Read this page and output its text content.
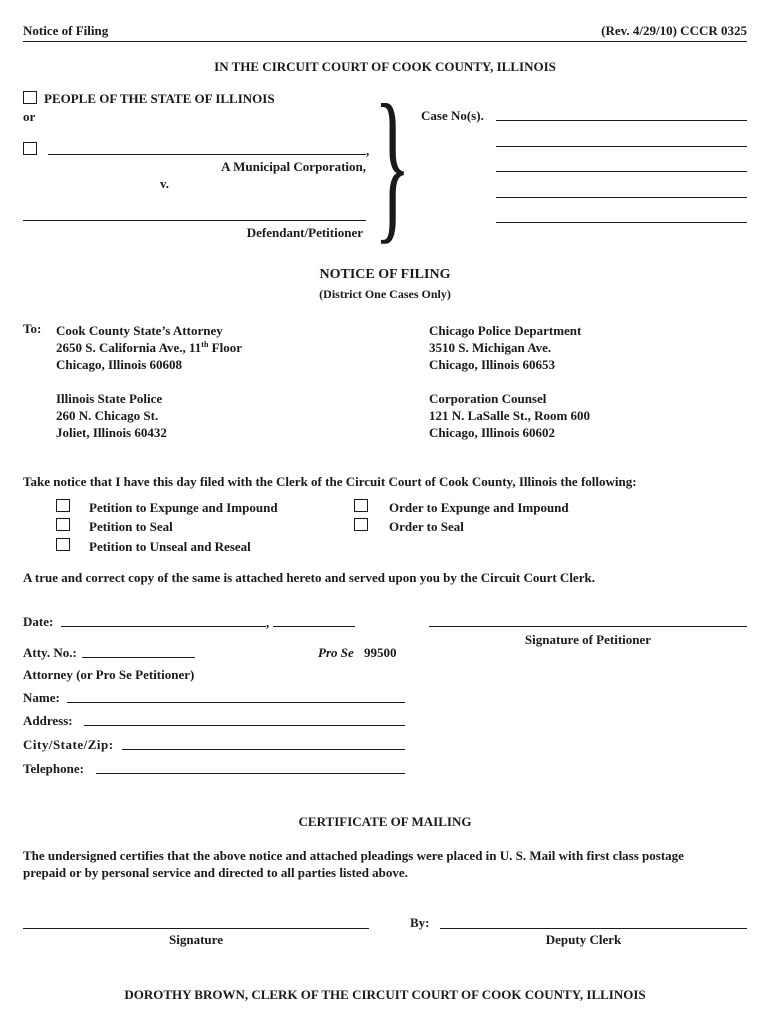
Notice of Filing	(Rev. 4/29/10) CCCR 0325
IN THE CIRCUIT COURT OF COOK COUNTY, ILLINOIS
PEOPLE OF THE STATE OF ILLINOIS
or
,
A Municipal Corporation,
v.
Defendant/Petitioner } Case No(s).
NOTICE OF FILING
(District One Cases Only)
To: Cook County State’s Attorney
2650 S. California Ave., 11th Floor
Chicago, Illinois 60608
Chicago Police Department
3510 S. Michigan Ave.
Chicago, Illinois 60653
Illinois State Police
260 N. Chicago St.
Joliet, Illinois 60432
Corporation Counsel
121 N. LaSalle St., Room 600
Chicago, Illinois 60602
Take notice that I have this day filed with the Clerk of the Circuit Court of Cook County, Illinois the following:
Petition to Expunge and Impound
Petition to Seal
Petition to Unseal and Reseal
Order to Expunge and Impound
Order to Seal
A true and correct copy of the same is attached hereto and served upon you by the Circuit Court Clerk.
Date:	,
Signature of Petitioner
Atty. No.:	Pro Se 99500
Attorney (or Pro Se Petitioner)
Name:
Address:
City/State/Zip:
Telephone:
CERTIFICATE OF MAILING
The undersigned certifies that the above notice and attached pleadings were placed in U. S. Mail with first class postage
prepaid or by personal service and directed to all parties listed above.
Signature
By:
Deputy Clerk
DOROTHY BROWN, CLERK OF THE CIRCUIT COURT OF COOK COUNTY, ILLINOIS
